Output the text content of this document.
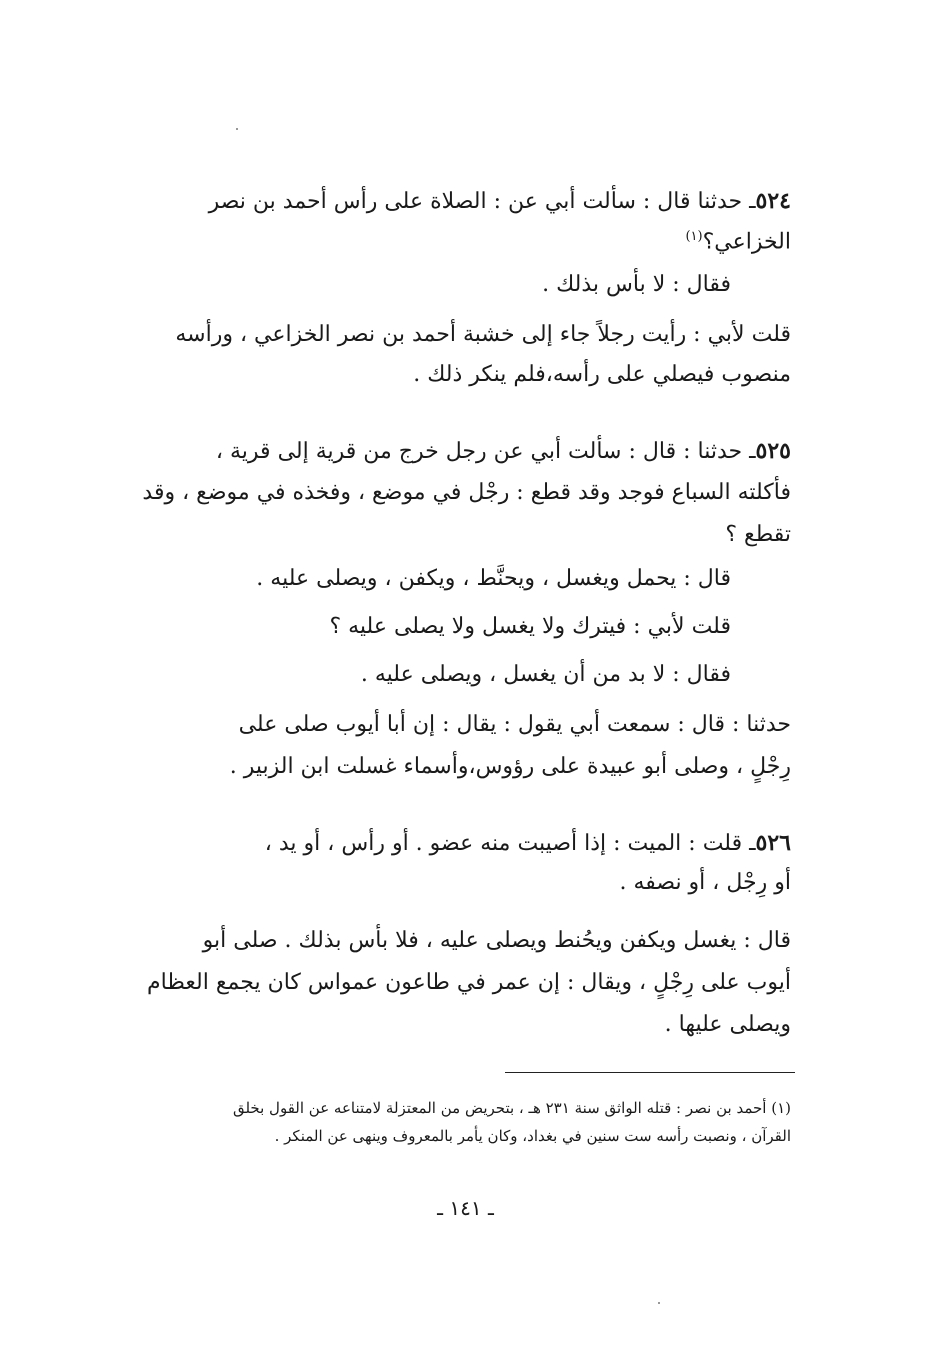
٥٢٤ـ حدثنا قال : سألت أبي عن : الصلاة على رأس أحمد بن نصر

الخزاعي؟$^{(١)}$

فقال : لا بأس بذلك .

قلت لأبي : رأيت رجلاً جاء إلى خشبة أحمد بن نصر الخزاعي ، ورأسه

منصوب فيصلي على رأسه،فلم ينكر ذلك .

٥٢٥ـ حدثنا : قال : سألت أبي عن رجل خرج من قرية إلى قرية ،

فأكلته السباع فوجد وقد قطع : رجْل في موضع ، وفخذه في موضع ، وقد

تقطع ؟

قال : يحمل ويغسل ، ويحنَّط ، ويكفن ، ويصلى عليه .

قلت لأبي : فيترك ولا يغسل ولا يصلى عليه ؟

فقال : لا بد من أن يغسل ، ويصلى عليه .

حدثنا : قال : سمعت أبي يقول : يقال : إن أبا أيوب صلى على

رِجْلٍ ، وصلى أبو عبيدة على رؤوس،وأسماء غسلت ابن الزبير .

٥٢٦ـ قلت : الميت : إذا أصيبت منه عضو . أو رأس ، أو يد ،

أو رِجْل ، أو نصفه .

قال : يغسل ويكفن ويحُنط ويصلى عليه ، فلا بأس بذلك . صلى أبو

أيوب على رِجْلٍ ، ويقال : إن عمر في طاعون عمواس كان يجمع العظام

ويصلى عليها .

(١) أحمد بن نصر : قتله الواثق سنة ٢٣١ هـ ، بتحريض من المعتزلة لامتناعه عن القول بخلق
القرآن ، ونصبت رأسه ست سنين في بغداد، وكان يأمر بالمعروف وينهى عن المنكر .
ـ ١٤١ ـ
